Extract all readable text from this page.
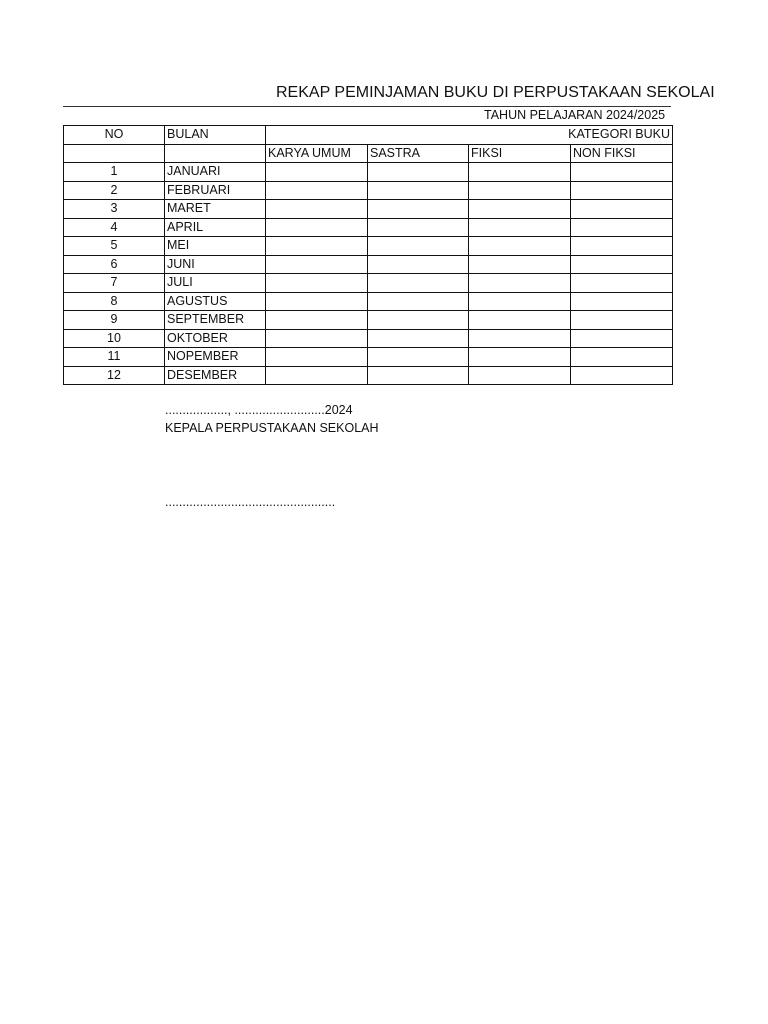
REKAP PEMINJAMAN BUKU DI PERPUSTAKAAN SEKOLAI
TAHUN PELAJARAN 2024/2025
NO	BULAN	KATEGORI BUKU			
		KARYA UMUM	SASTRA	FIKSI	NON FIKSI
1	JANUARI				
2	FEBRUARI				
3	MARET				
4	APRIL				
5	MEI				
6	JUNI				
7	JULI				
8	AGUSTUS				
9	SEPTEMBER				
10	OKTOBER				
11	NOPEMBER				
12	DESEMBER				
.................., ..........................2024
KEPALA PERPUSTAKAAN SEKOLAH
.................................................
